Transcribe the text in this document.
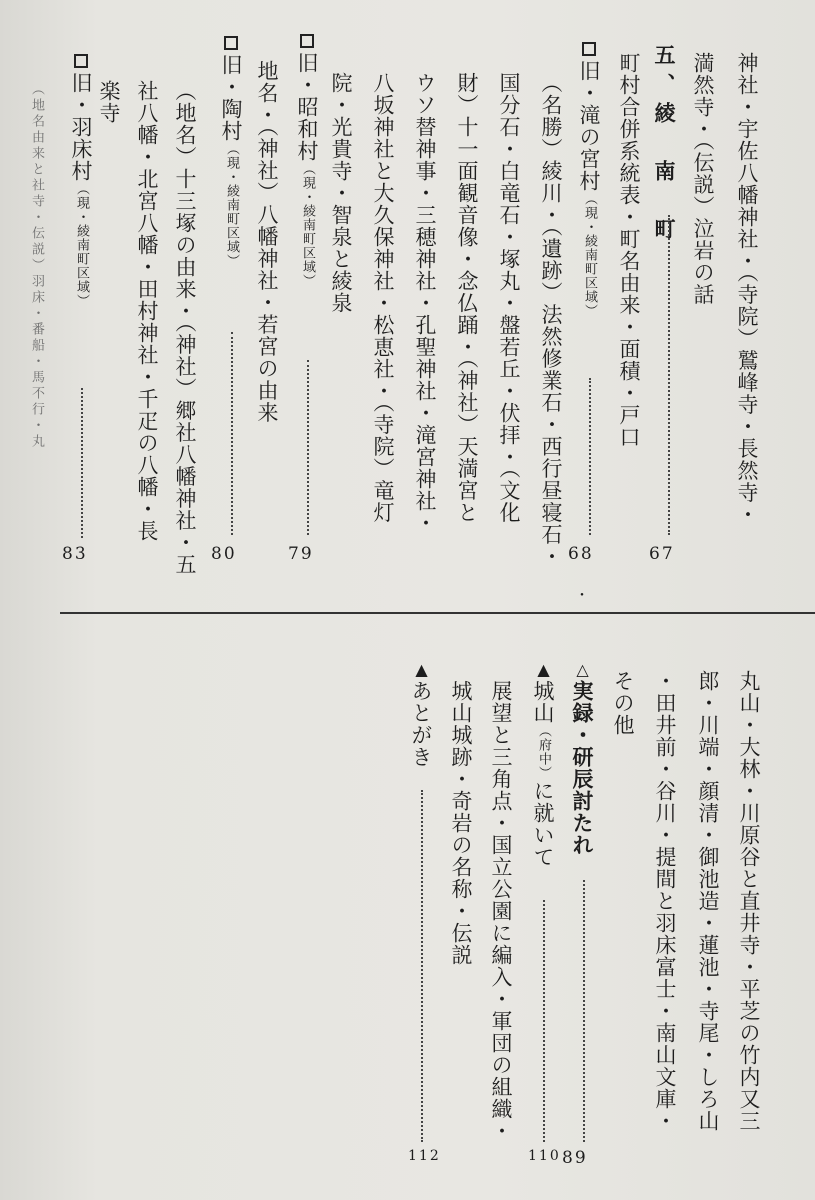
神社・宇佐八幡神社・（寺院）鷲峰寺・長然寺・

満然寺・（伝説）泣岩の話

五、綾　南　町

67

町村合併系統表・町名由来・面積・戸口

旧・滝の宮村（現・綾南町区域）

68
・

（名勝）綾川・（遺跡）法然修業石・西行昼寝石・

国分石・白竜石・塚丸・盤若丘・伏拝・（文化

財）十一面観音像・念仏踊・（神社）天満宮と

ウソ替神事・三穂神社・孔聖神社・滝宮神社・

八坂神社と大久保神社・松恵社・（寺院）竜灯

院・光貴寺・智泉と綾泉

旧・昭和村（現・綾南町区域）

79

地名・（神社）八幡神社・若宮の由来

旧・陶村（現・綾南町区域）

80

（地名）十三塚の由来・（神社）郷社八幡神社・五

社八幡・北宮八幡・田村神社・千疋の八幡・長

楽寺

旧・羽床村（現・綾南町区域）

83

（地名由来と社寺・伝説）羽床・番船・馬不行・丸

丸山・大林・川原谷と直井寺・平芝の竹内又三

郎・川端・顔清・御池造・蓮池・寺尾・しろ山

・田井前・谷川・提間と羽床富士・南山文庫・

その他

△実録・研辰討たれ

89

▲城山（府中）に就いて

110

展望と三角点・国立公園に編入・軍団の組織・

城山城跡・奇岩の名称・伝説

▲あとがき

112
